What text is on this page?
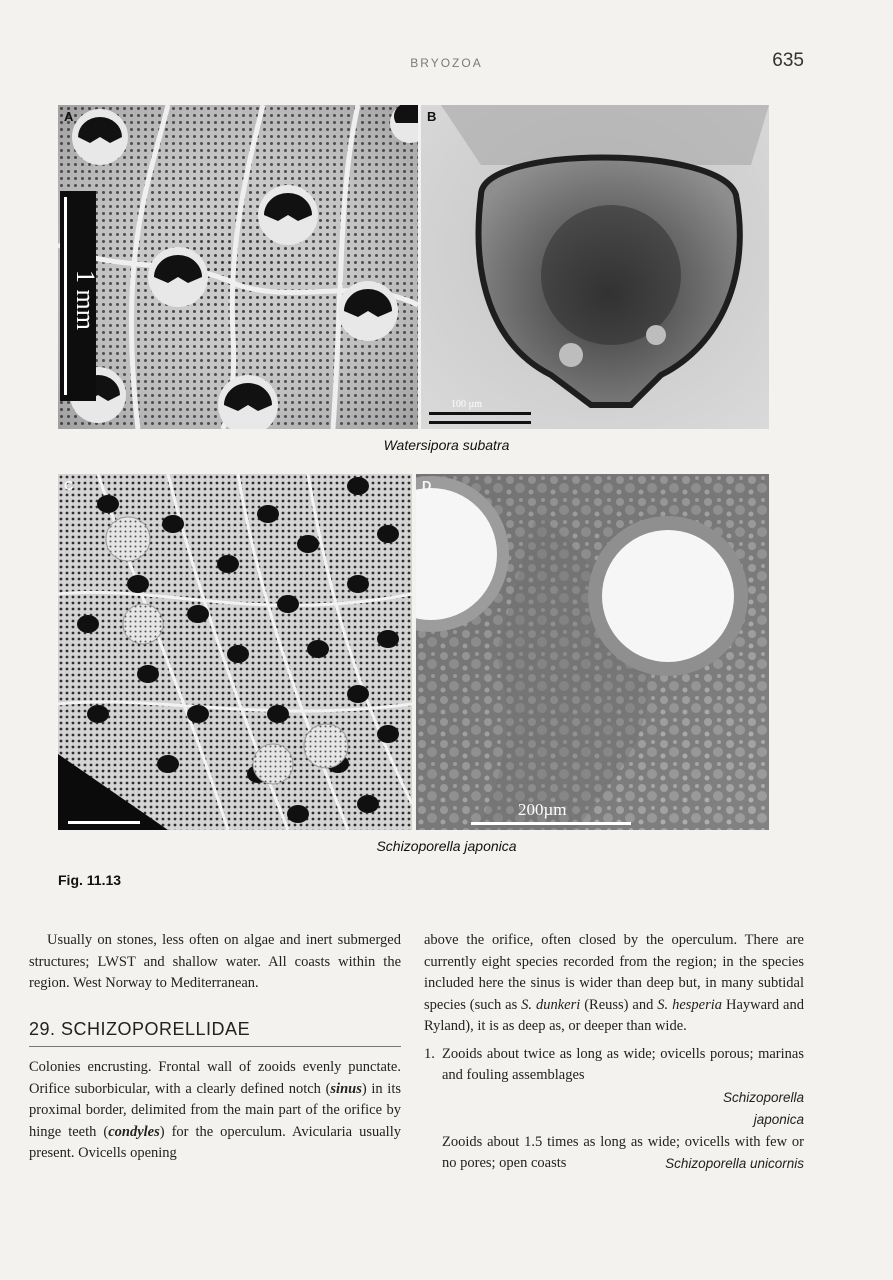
BRYOZOA	635
A
1 mm
B
100 µm
Watersipora subatra
C	D
200µm
Schizoporella japonica
Fig. 11.13

Usually on stones, less often on algae and inert submerged structures; LWST and shallow water. All coasts within the region. West Norway to Mediterranean.

29. SCHIZOPORELLIDAE

Colonies encrusting. Frontal wall of zooids evenly punctate. Orifice suborbicular, with a clearly defined notch (sinus) in its proximal border, delimited from the main part of the orifice by hinge teeth (condyles) for the operculum. Avicularia usually present. Ovicells opening

above the orifice, often closed by the operculum. There are currently eight species recorded from the region; in the species included here the sinus is wider than deep but, in many subtidal species (such as S. dunkeri (Reuss) and S. hesperia Hayward and Ryland), it is as deep as, or deeper than wide.

1. Zooids about twice as long as wide; ovicells porous; marinas and fouling assemblages
Schizoporella
japonica
Zooids about 1.5 times as long as wide; ovicells with few or no pores; open coasts	Schizoporella unicornis
